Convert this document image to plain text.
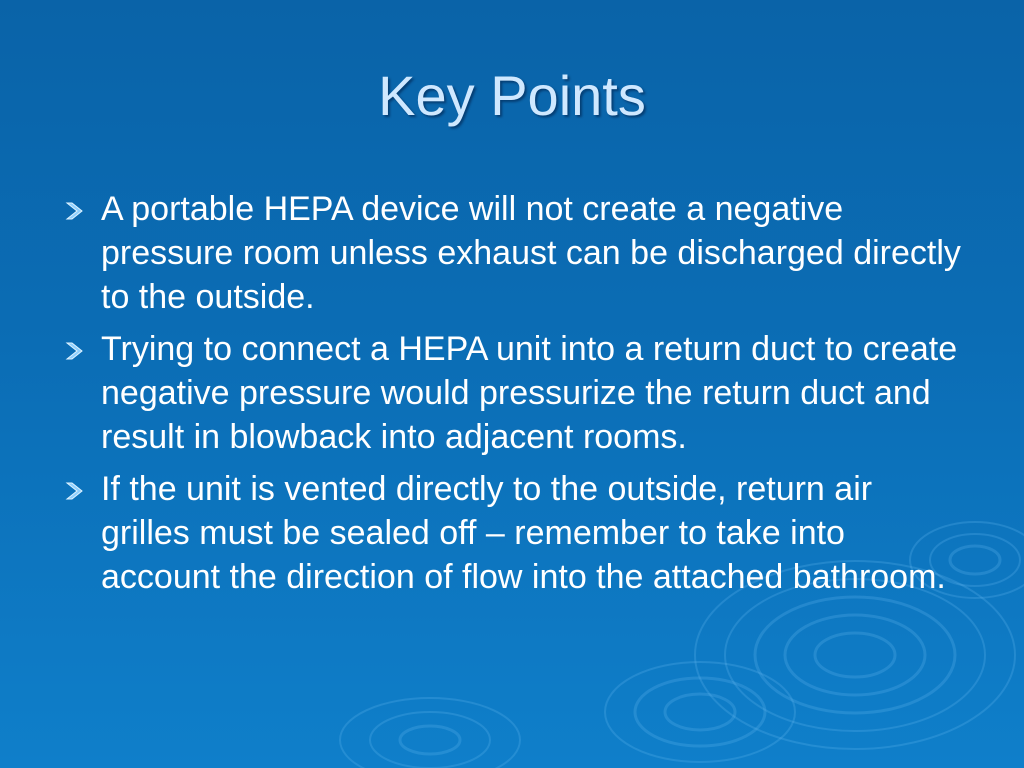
Key Points
A portable HEPA device will not create a negative pressure room unless exhaust can be discharged directly to the outside.
Trying to connect a HEPA unit into a return duct to create negative pressure would pressurize the return duct and result in blowback into adjacent rooms.
If the unit is vented directly to the outside, return air grilles must be sealed off – remember to take into account the direction of flow into the attached bathroom.
